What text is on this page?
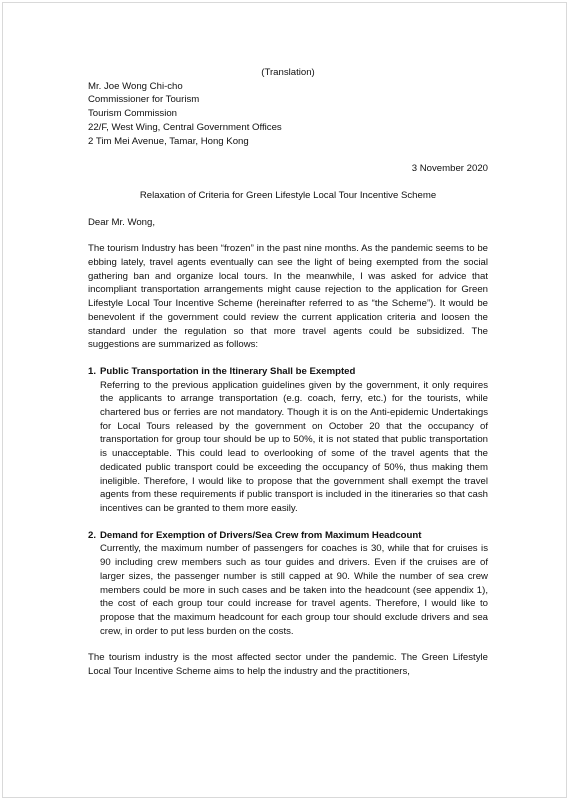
(Translation)

Mr. Joe Wong Chi-cho

Commissioner for Tourism

Tourism Commission

22/F, West Wing, Central Government Offices

2 Tim Mei Avenue, Tamar, Hong Kong

3 November 2020

Relaxation of Criteria for Green Lifestyle Local Tour Incentive Scheme

Dear Mr. Wong,

The tourism Industry has been “frozen” in the past nine months. As the pandemic seems to be ebbing lately, travel agents eventually can see the light of being exempted from the social gathering ban and organize local tours. In the meanwhile, I was asked for advice that incompliant transportation arrangements might cause rejection to the application for Green Lifestyle Local Tour Incentive Scheme (hereinafter referred to as “the Scheme”). It would be benevolent if the government could review the current application criteria and loosen the standard under the regulation so that more travel agents could be subsidized. The suggestions are summarized as follows:

1. Public Transportation in the Itinerary Shall be Exempted

Referring to the previous application guidelines given by the government, it only requires the applicants to arrange transportation (e.g. coach, ferry, etc.) for the tourists, while chartered bus or ferries are not mandatory. Though it is on the Anti-epidemic Undertakings for Local Tours released by the government on October 20 that the occupancy of transportation for group tour should be up to 50%, it is not stated that public transportation is unacceptable. This could lead to overlooking of some of the travel agents that the dedicated public transport could be exceeding the occupancy of 50%, thus making them ineligible. Therefore, I would like to propose that the government shall exempt the travel agents from these requirements if public transport is included in the itineraries so that cash incentives can be granted to them more easily.

2. Demand for Exemption of Drivers/Sea Crew from Maximum Headcount

Currently, the maximum number of passengers for coaches is 30, while that for cruises is 90 including crew members such as tour guides and drivers. Even if the cruises are of larger sizes, the passenger number is still capped at 90. While the number of sea crew members could be more in such cases and be taken into the headcount (see appendix 1), the cost of each group tour could increase for travel agents. Therefore, I would like to propose that the maximum headcount for each group tour should exclude drivers and sea crew, in order to put less burden on the costs.

The tourism industry is the most affected sector under the pandemic. The Green Lifestyle Local Tour Incentive Scheme aims to help the industry and the practitioners,
